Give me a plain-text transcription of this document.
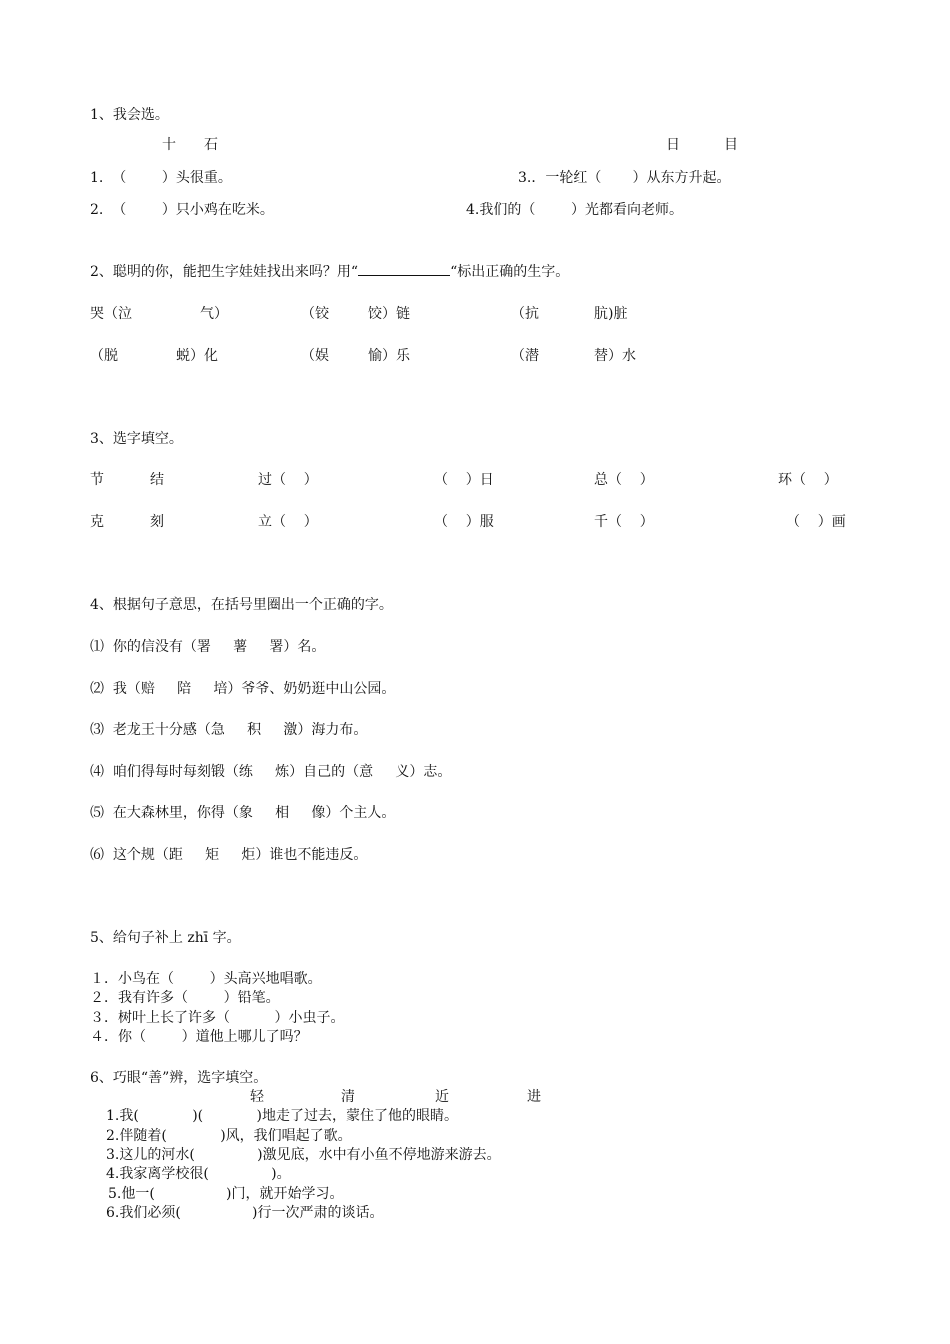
1、我会选。
十 石	日	目
1.  （        ）头很重。	3.．一轮红（       ）从东方升起。
2.  （        ）只小鸡在吃米。	4.我们的（        ）光都看向老师。
2、聪明的你，能把生字娃娃找出来吗？用“	“标出正确的生字。
哭（泣	气）	（铰	饺）链	（抗	肮)脏
（脱	蜕）化	（娱	愉）乐	（潜	替）水
3、选字填空。
节	结	过（    ）	（    ）日	总（    ）	环（    ）
克	刻	立（    ）	（    ）服	千（    ）	（    ）画
4、根据句子意思，在括号里圈出一个正确的字。
⑴  你的信没有（署     薯     署）名。
⑵  我（赔     陪     培）爷爷、奶奶逛中山公园。
⑶  老龙王十分感（急     积     激）海力布。
⑷  咱们得每时每刻锻（练     炼）自己的（意     义）志。
⑸  在大森林里，你得（象     相     像）个主人。
⑹  这个规（距     矩     炬）谁也不能违反。
5、给句子补上 zhī 字。
１．小鸟在（        ）头高兴地唱歌。
２．我有许多（        ）铅笔。
３．树叶上长了许多（          ）小虫子。
４．你（        ）道他上哪儿了吗？
6、巧眼“善”辨，选字填空。
轻	清	近	进
1.我(            )(            )地走了过去，蒙住了他的眼睛。
2.伴随着(            )风，我们唱起了歌。
3.这儿的河水(              )激见底，水中有小鱼不停地游来游去。
4.我家离学校很(              )。
5.他一(                )门，就开始学习。
6.我们必须(                )行一次严肃的谈话。
